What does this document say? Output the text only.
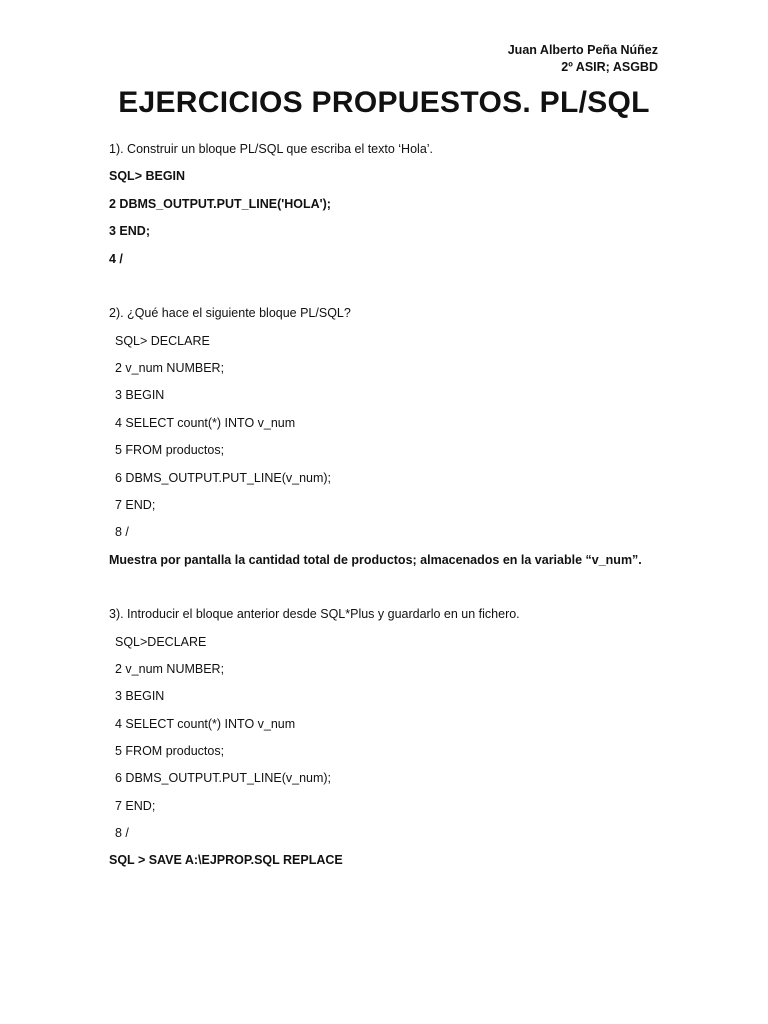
Juan Alberto Peña Núñez
2º ASIR; ASGBD
EJERCICIOS PROPUESTOS. PL/SQL
1). Construir un bloque PL/SQL que escriba el texto ‘Hola’.
SQL> BEGIN
2 DBMS_OUTPUT.PUT_LINE('HOLA');
3 END;
4 /
2). ¿Qué hace el siguiente bloque PL/SQL?
SQL> DECLARE
2 v_num NUMBER;
3 BEGIN
4 SELECT count(*) INTO v_num
5 FROM productos;
6 DBMS_OUTPUT.PUT_LINE(v_num);
7 END;
8 /
Muestra por pantalla la cantidad total de productos; almacenados en la variable “v_num”.
3). Introducir el bloque anterior desde SQL*Plus y guardarlo en un fichero.
SQL>DECLARE
2 v_num NUMBER;
3 BEGIN
4 SELECT count(*) INTO v_num
5 FROM productos;
6 DBMS_OUTPUT.PUT_LINE(v_num);
7 END;
8 /
SQL > SAVE A:\EJPROP.SQL REPLACE
